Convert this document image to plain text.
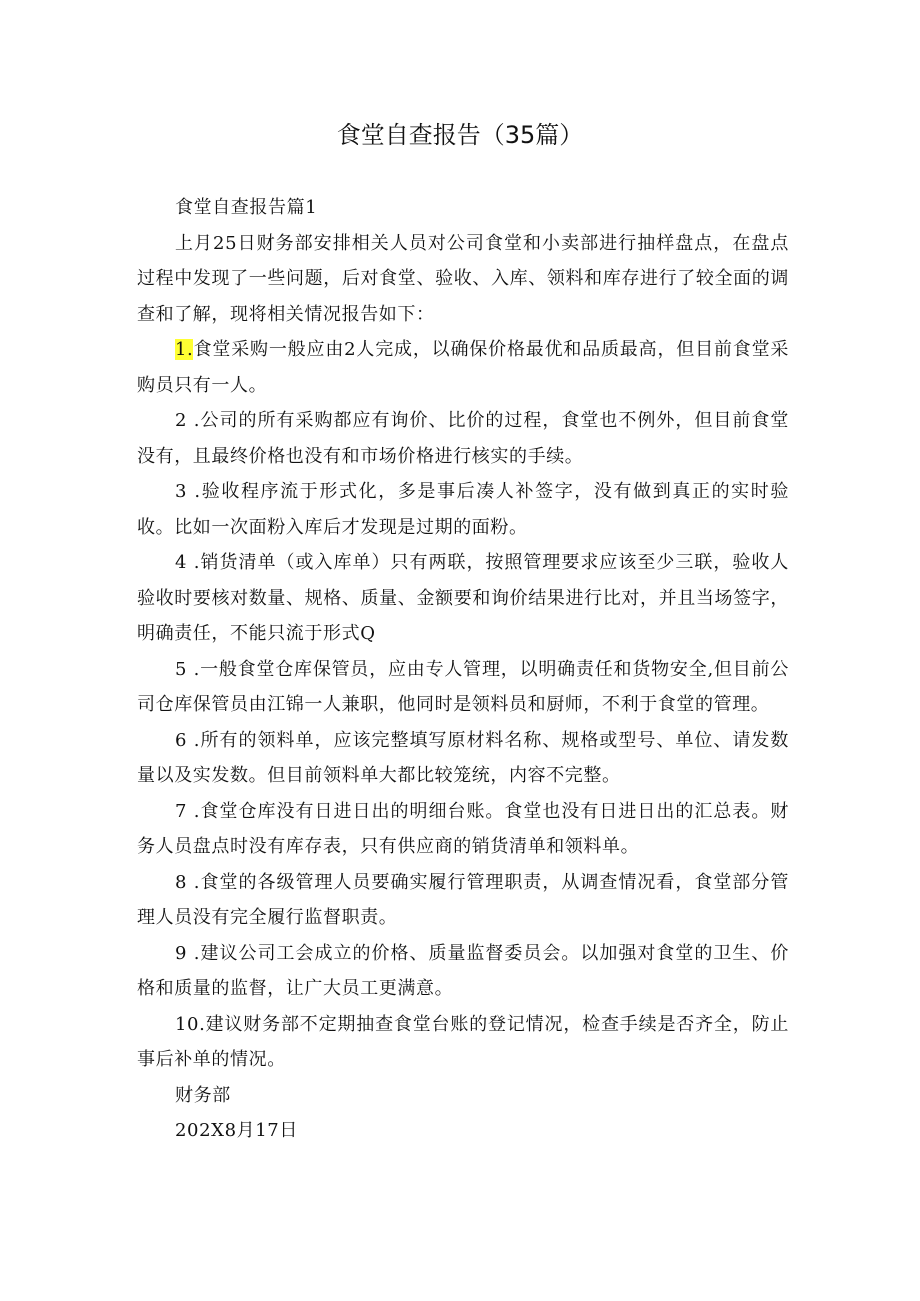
食堂自查报告（35篇）

食堂自查报告篇1

上月25日财务部安排相关人员对公司食堂和小卖部进行抽样盘点，在盘点过程中发现了一些问题，后对食堂、验收、入库、领料和库存进行了较全面的调查和了解，现将相关情况报告如下：

1.食堂采购一般应由2人完成，以确保价格最优和品质最高，但目前食堂采购员只有一人。

2 .公司的所有采购都应有询价、比价的过程，食堂也不例外，但目前食堂没有，且最终价格也没有和市场价格进行核实的手续。

3 .验收程序流于形式化，多是事后凑人补签字，没有做到真正的实时验收。比如一次面粉入库后才发现是过期的面粉。

4 .销货清单（或入库单）只有两联，按照管理要求应该至少三联，验收人验收时要核对数量、规格、质量、金额要和询价结果进行比对，并且当场签字，明确责任，不能只流于形式Q

5 .一般食堂仓库保管员，应由专人管理，以明确责任和货物安全,但目前公司仓库保管员由江锦一人兼职，他同时是领料员和厨师，不利于食堂的管理。

6 .所有的领料单，应该完整填写原材料名称、规格或型号、单位、请发数量以及实发数。但目前领料单大都比较笼统，内容不完整。

7 .食堂仓库没有日进日出的明细台账。食堂也没有日进日出的汇总表。财务人员盘点时没有库存表，只有供应商的销货清单和领料单。

8 .食堂的各级管理人员要确实履行管理职责，从调查情况看，食堂部分管理人员没有完全履行监督职责。

9 .建议公司工会成立的价格、质量监督委员会。以加强对食堂的卫生、价格和质量的监督，让广大员工更满意。

10.建议财务部不定期抽查食堂台账的登记情况，检查手续是否齐全，防止事后补单的情况。

财务部

202X8月17日
